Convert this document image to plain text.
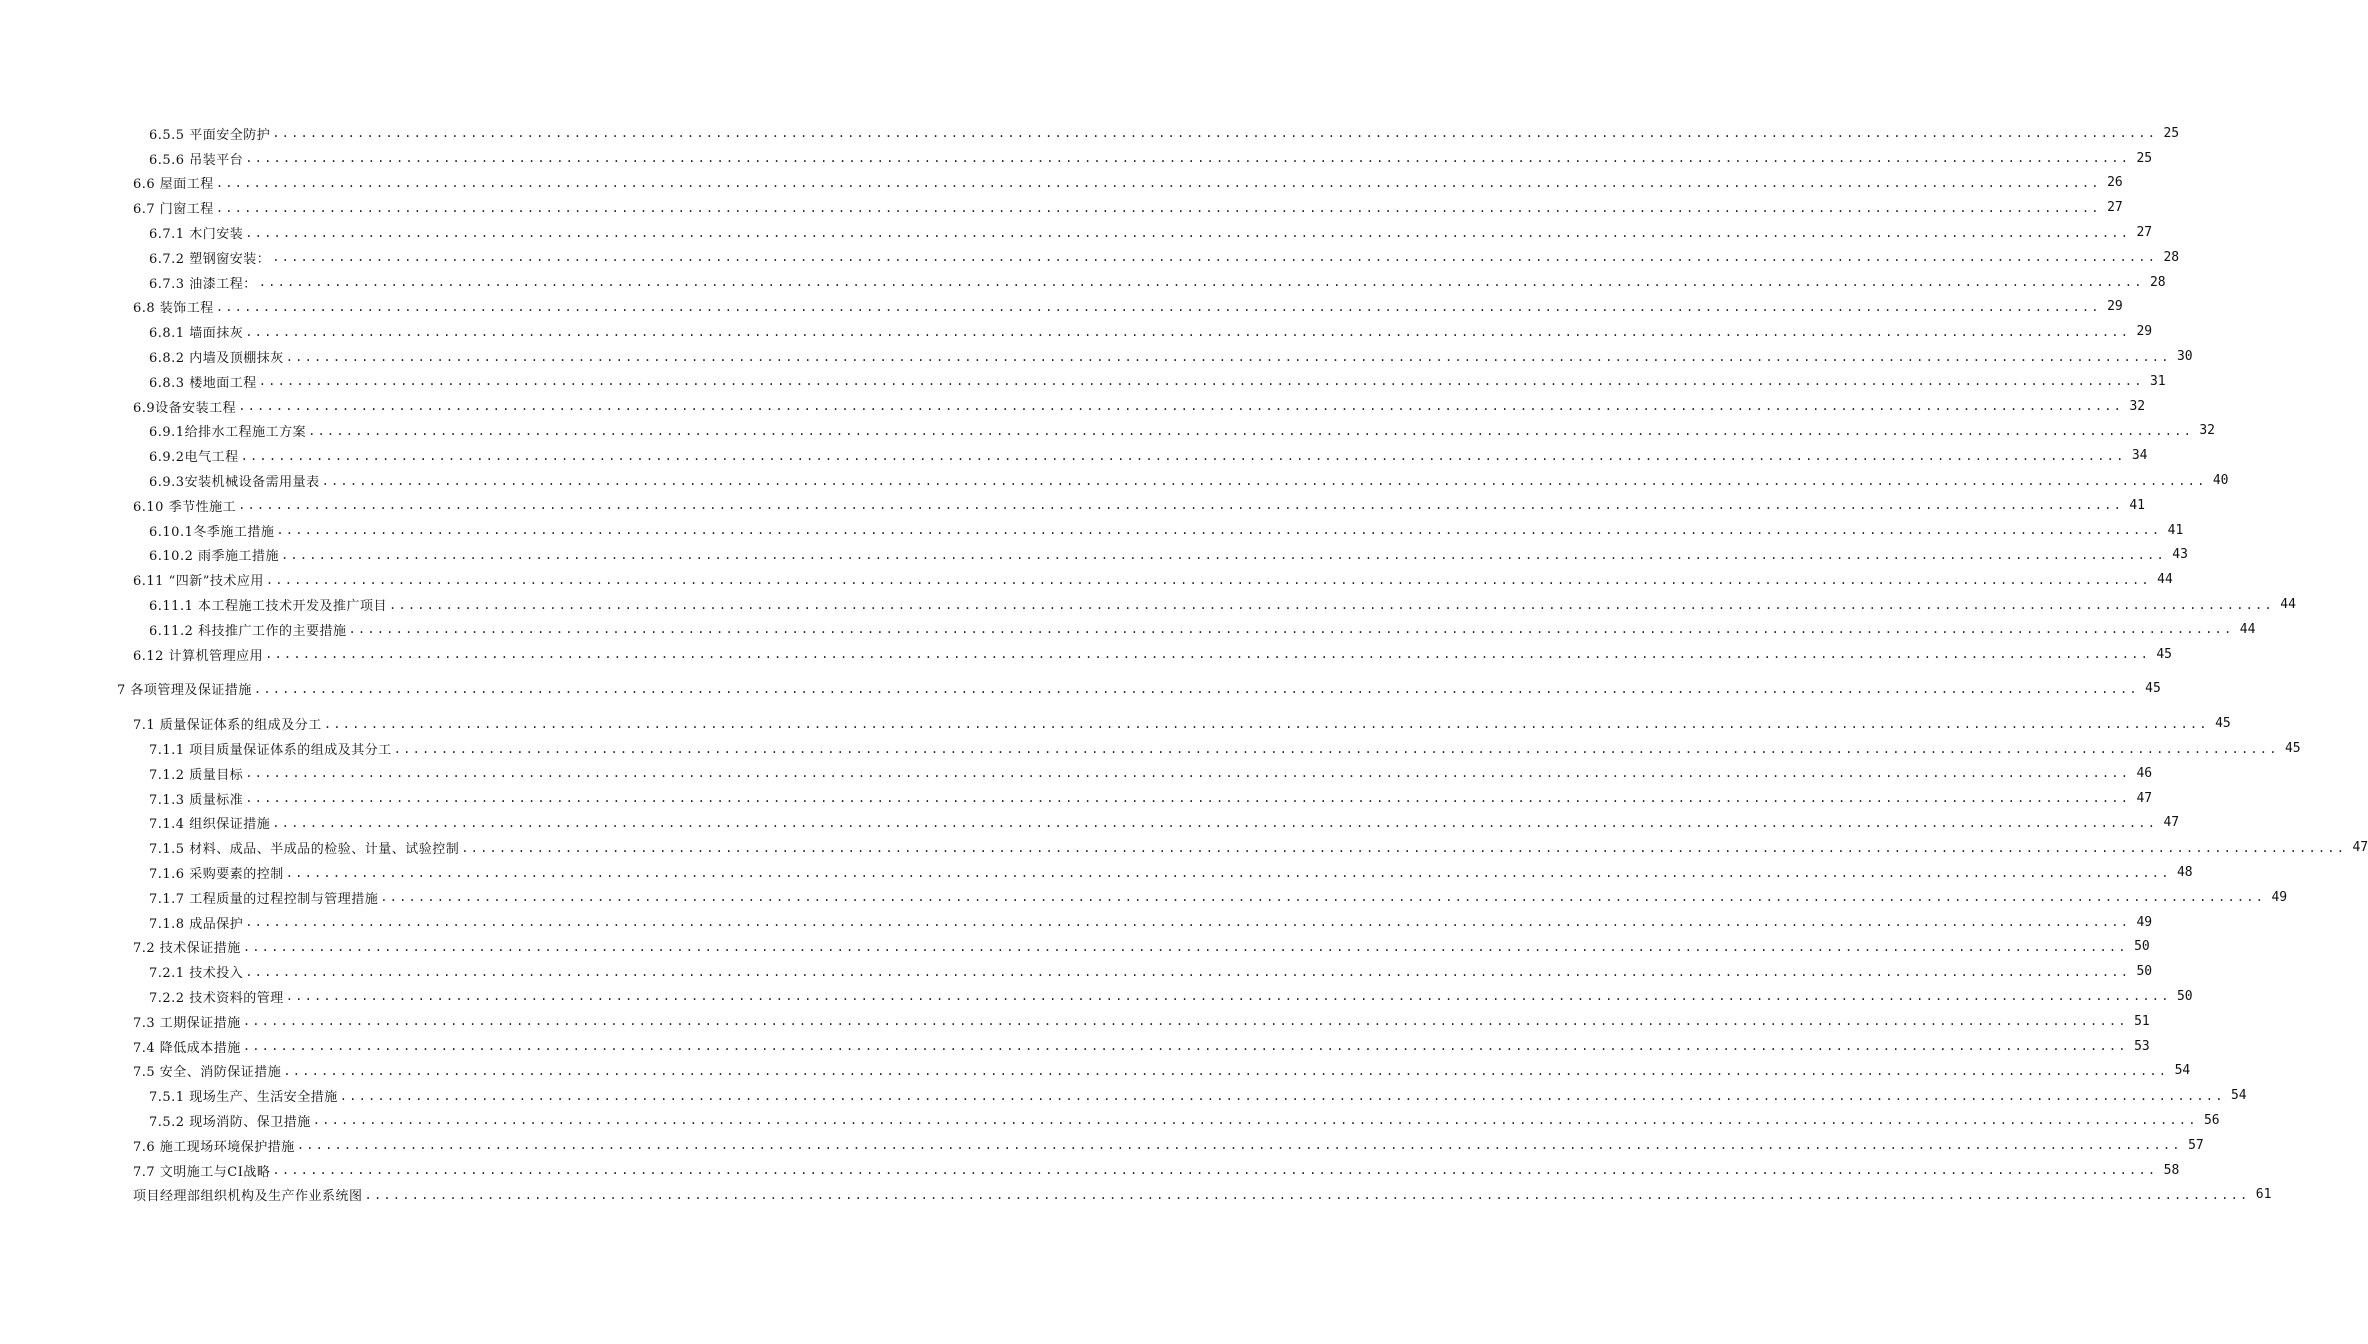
6.5.5 平面安全防护 ........................................................................................................................................................................................................ 25
6.5.6 吊装平台 ........................................................................................................................................................................................................ 25
6.6 屋面工程 ........................................................................................................................................................................................................ 26
6.7 门窗工程 ........................................................................................................................................................................................................ 27
6.7.1 木门安装 ........................................................................................................................................................................................................ 27
6.7.2 塑钢窗安装： ........................................................................................................................................................................................................ 28
6.7.3 油漆工程： ........................................................................................................................................................................................................ 28
6.8 装饰工程 ........................................................................................................................................................................................................ 29
6.8.1 墙面抹灰 ........................................................................................................................................................................................................ 29
6.8.2 内墙及顶棚抹灰 ........................................................................................................................................................................................................ 30
6.8.3 楼地面工程 ........................................................................................................................................................................................................ 31
6.9设备安装工程 ........................................................................................................................................................................................................ 32
6.9.1给排水工程施工方案 ........................................................................................................................................................................................................ 32
6.9.2电气工程 ........................................................................................................................................................................................................ 34
6.9.3安装机械设备需用量表 ........................................................................................................................................................................................................ 40
6.10 季节性施工 ........................................................................................................................................................................................................ 41
6.10.1冬季施工措施 ........................................................................................................................................................................................................ 41
6.10.2 雨季施工措施 ........................................................................................................................................................................................................ 43
6.11 “四新”技术应用 ........................................................................................................................................................................................................ 44
6.11.1 本工程施工技术开发及推广项目 ........................................................................................................................................................................................................ 44
6.11.2 科技推广工作的主要措施 ........................................................................................................................................................................................................ 44
6.12 计算机管理应用 ........................................................................................................................................................................................................ 45
7 各项管理及保证措施 ........................................................................................................................................................................................................ 45
7.1 质量保证体系的组成及分工 ........................................................................................................................................................................................................ 45
7.1.1 项目质量保证体系的组成及其分工 ........................................................................................................................................................................................................ 45
7.1.2 质量目标 ........................................................................................................................................................................................................ 46
7.1.3 质量标准 ........................................................................................................................................................................................................ 47
7.1.4 组织保证措施 ........................................................................................................................................................................................................ 47
7.1.5 材料、成品、半成品的检验、计量、试验控制 ........................................................................................................................................................................................................ 47
7.1.6 采购要素的控制 ........................................................................................................................................................................................................ 48
7.1.7 工程质量的过程控制与管理措施 ........................................................................................................................................................................................................ 49
7.1.8 成品保护 ........................................................................................................................................................................................................ 49
7.2 技术保证措施 ........................................................................................................................................................................................................ 50
7.2.1 技术投入 ........................................................................................................................................................................................................ 50
7.2.2 技术资料的管理 ........................................................................................................................................................................................................ 50
7.3 工期保证措施 ........................................................................................................................................................................................................ 51
7.4 降低成本措施 ........................................................................................................................................................................................................ 53
7.5 安全、消防保证措施 ........................................................................................................................................................................................................ 54
7.5.1 现场生产、生活安全措施 ........................................................................................................................................................................................................ 54
7.5.2 现场消防、保卫措施 ........................................................................................................................................................................................................ 56
7.6 施工现场环境保护措施 ........................................................................................................................................................................................................ 57
7.7 文明施工与CI战略 ........................................................................................................................................................................................................ 58
项目经理部组织机构及生产作业系统图 ........................................................................................................................................................................................................ 61
